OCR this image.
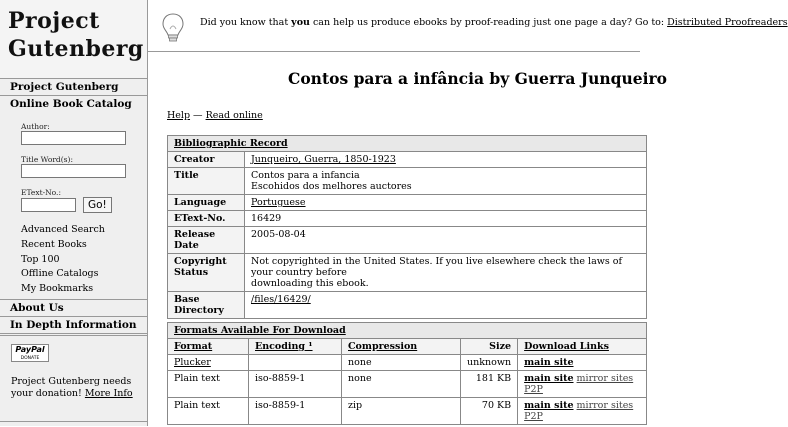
Project
Gutenberg
Project Gutenberg
Online Book Catalog
Author:
Title Word(s):
EText-No.:
Go!
Advanced Search
Recent Books
Top 100
Offline Catalogs
My Bookmarks
About Us
In Depth Information
PayPal
DONATE
Project Gutenberg needs your donation! More Info
Did you know that you can help us produce ebooks by proof-reading just one page a day? Go to: Distributed Proofreaders
Contos para a infância by Guerra Junqueiro
Help — Read online
Bibliographic Record	
Creator	Junqueiro, Guerra, 1850-1923
Title	Contos para a infancia
Escohidos dos melhores auctores
Language	Portuguese
EText-No.	16429
Release Date	2005-08-04
Copyright
Status	Not copyrighted in the United States. If you live elsewhere check the laws of your country before
downloading this ebook.
Base Directory	/files/16429/
Formats Available For Download				
Format	Encoding ¹	Compression	Size	Download Links
Plucker		none	unknown	main site
Plain text	iso-8859-1	none	181 KB	main site mirror sites P2P
Plain text	iso-8859-1	zip	70 KB	main site mirror sites P2P
